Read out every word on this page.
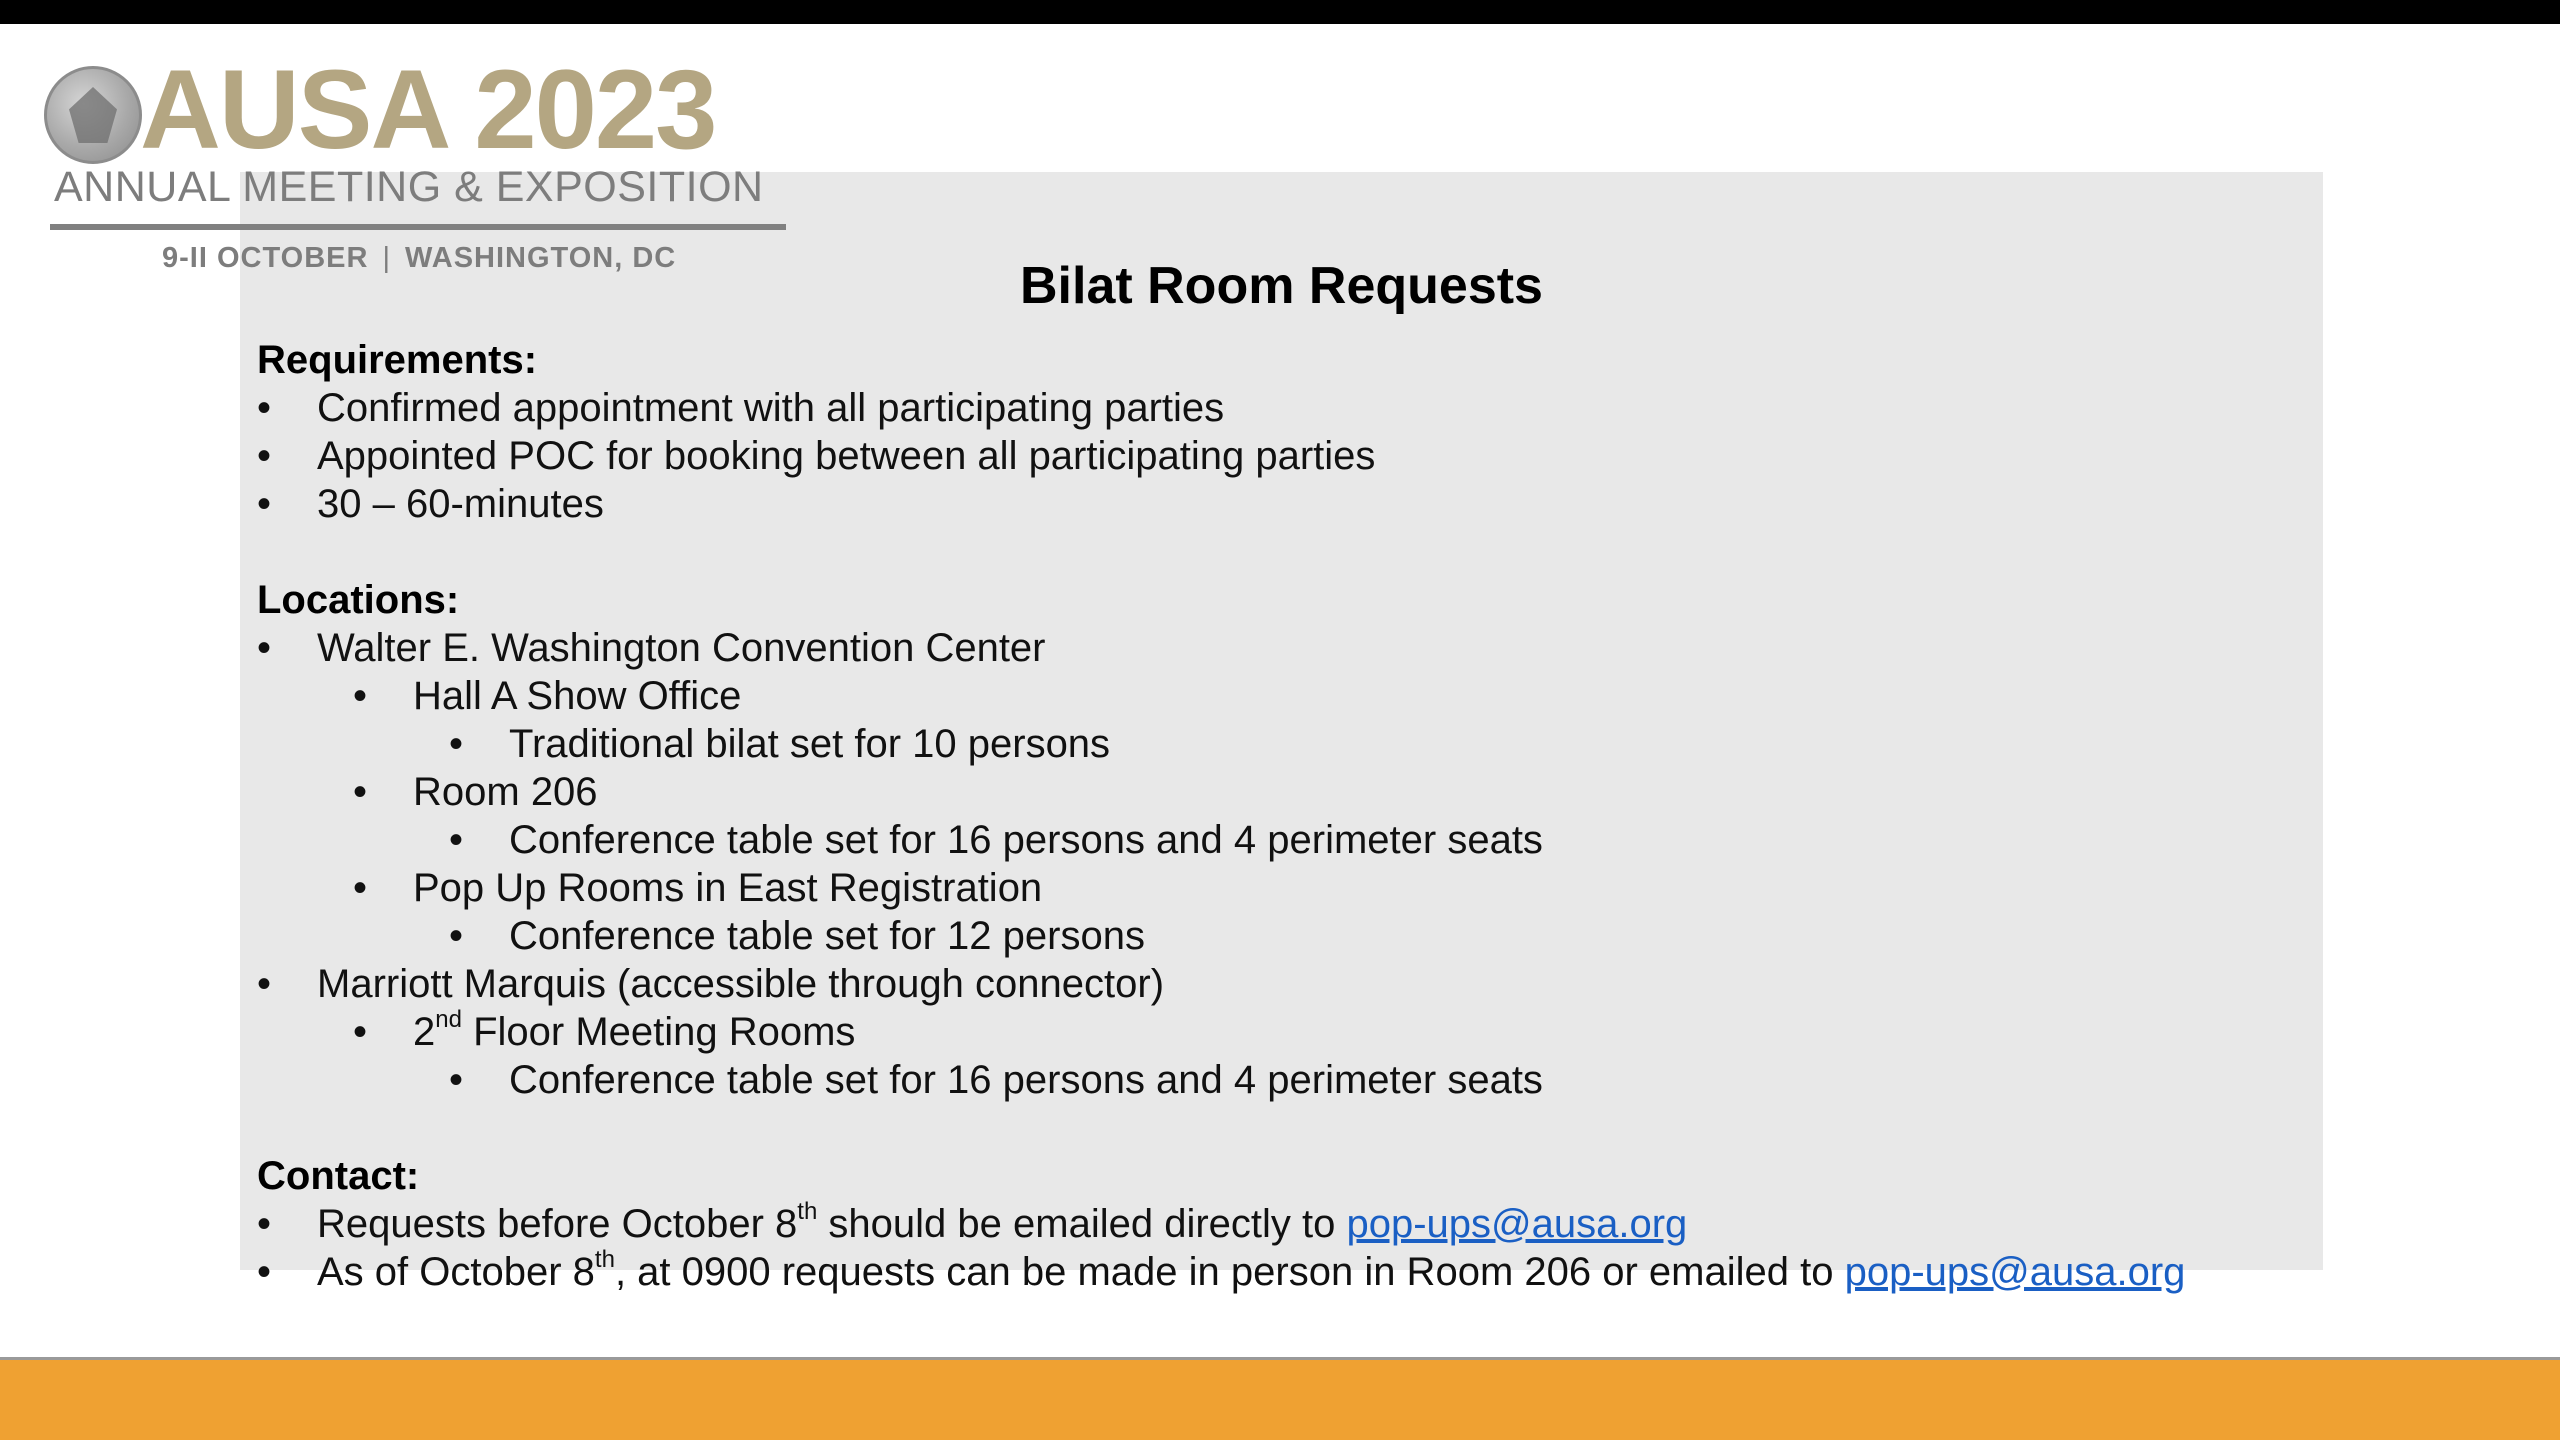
AUSA 2023

ANNUAL MEETING & EXPOSITION

9-II OCTOBER | WASHINGTON, DC	Bilat Room Requests
Requirements:
• Confirmed appointment with all participating parties
• Appointed POC for booking between all participating parties
• 30 – 60-minutes
Locations:
• Walter E. Washington Convention Center
• Hall A Show Office
• Traditional bilat set for 10 persons
• Room 206
• Conference table set for 16 persons and 4 perimeter seats
• Pop Up Rooms in East Registration
• Conference table set for 12 persons
• Marriott Marquis (accessible through connector)
• 2nd Floor Meeting Rooms
• Conference table set for 16 persons and 4 perimeter seats
Contact:
• Requests before October 8th should be emailed directly to pop-ups@ausa.org
• As of October 8th, at 0900 requests can be made in person in Room 206 or emailed to pop-ups@ausa.org
